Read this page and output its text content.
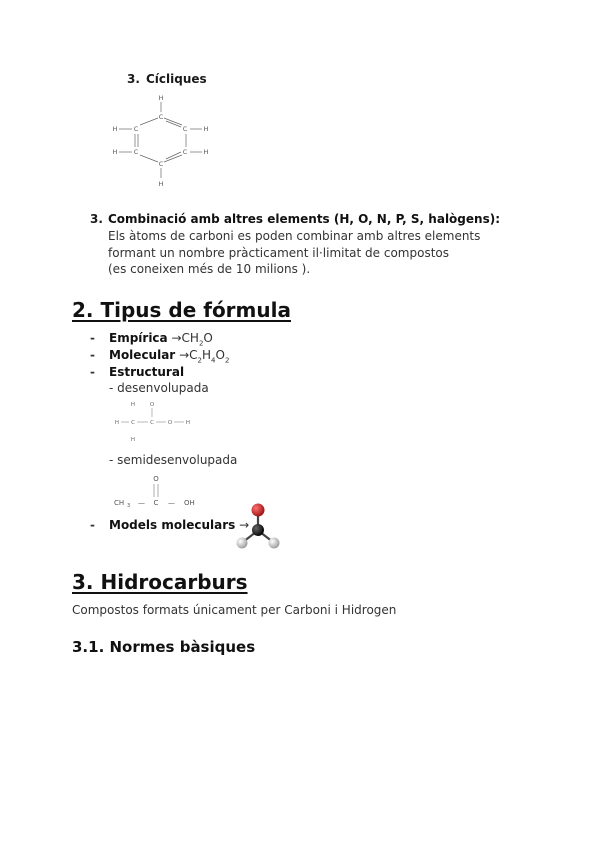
3. Cícliques
H
C
C	C
C	C
C
H
H	H
H	H
3. Combinació amb altres elements (H, O, N, P, S, halògens):
Els àtoms de carboni es poden combinar amb altres elements
formant un nombre pràcticament il·limitat de compostos
(es coneixen més de 10 milions ).
2. Tipus de fórmula
- Empírica $\to CH_2O$
- Molecular $\to C_2H_4O_2$
- Estructural
- desenvolupada
H	O
H C	C	O	H
H
- semidesenvolupada
O
CH 3 — C — OH
- Models moleculars →
3. Hidrocarburs
Compostos formats únicament per Carboni i Hidrogen
3.1. Normes bàsiques
